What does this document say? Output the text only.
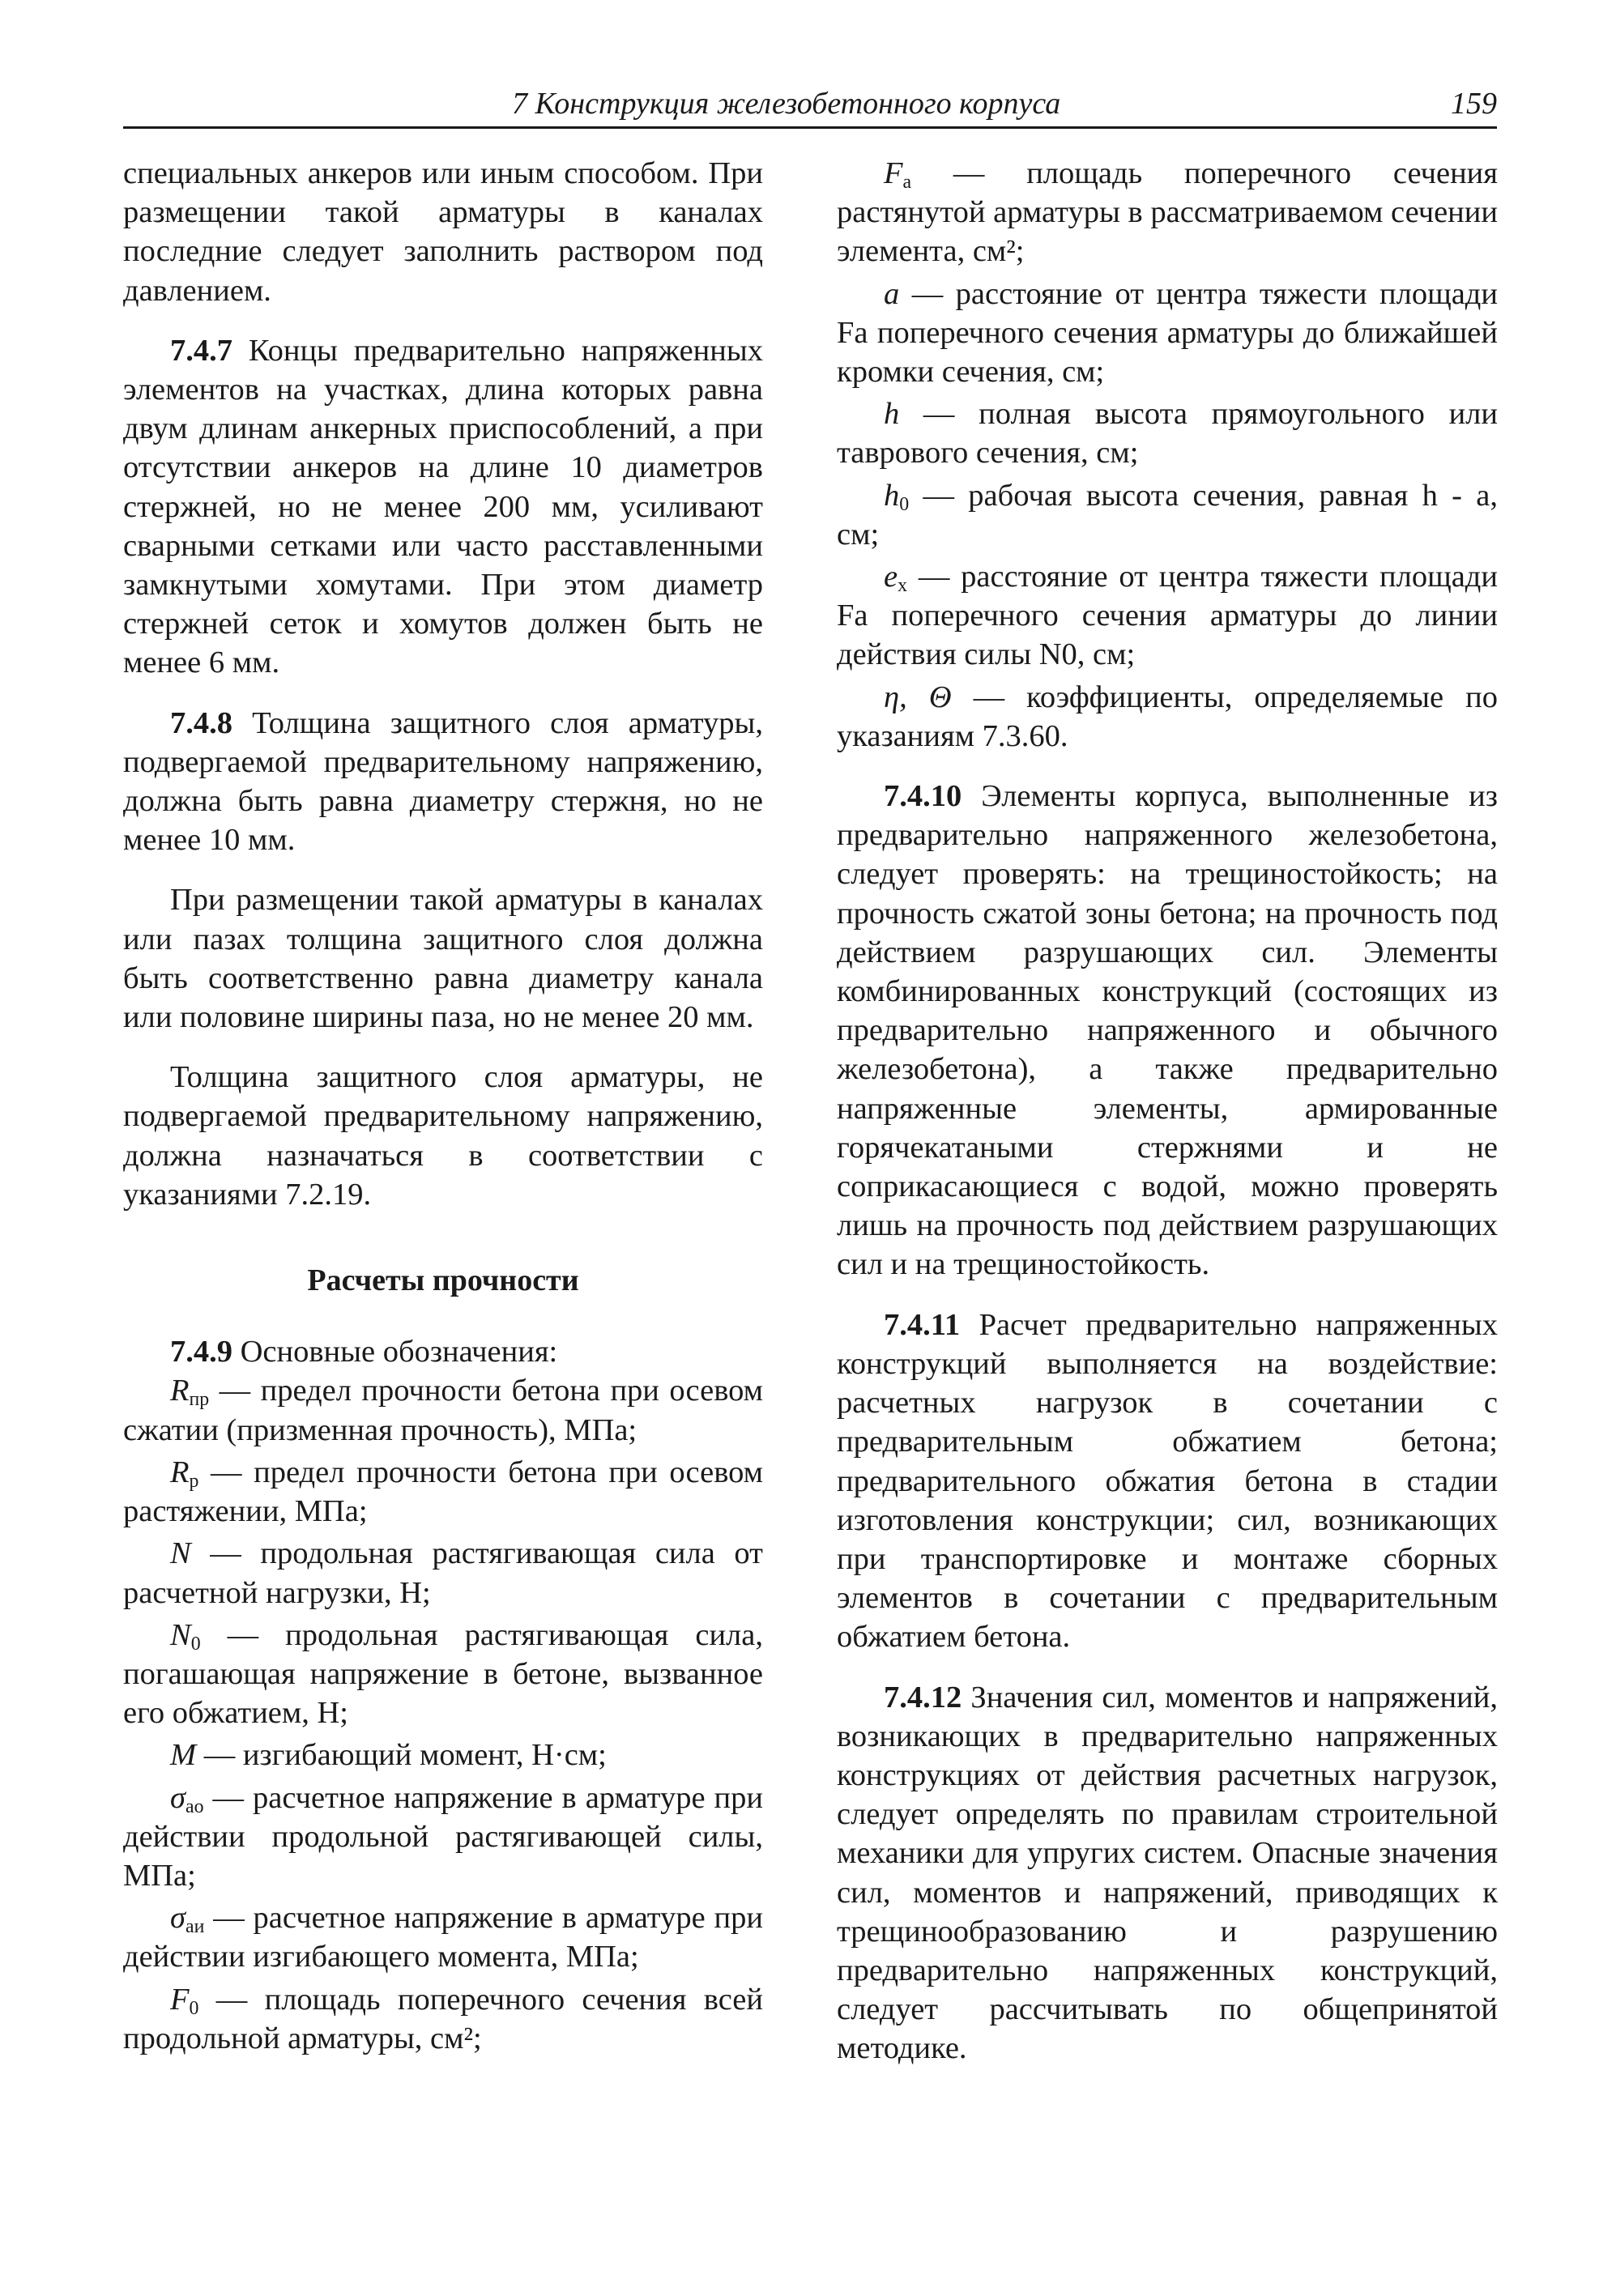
7 Конструкция железобетонного корпуса	159

специальных анкеров или иным способом. При размещении такой арматуры в каналах последние следует заполнить раствором под давлением.

7.4.7 Концы предварительно напряженных элементов на участках, длина которых равна двум длинам анкерных приспособлений, а при отсутствии анкеров на длине 10 диаметров стержней, но не менее 200 мм, усиливают сварными сетками или часто расставленными замкнутыми хомутами. При этом диаметр стержней сеток и хомутов должен быть не менее 6 мм.

7.4.8 Толщина защитного слоя арматуры, подвергаемой предварительному напряжению, должна быть равна диаметру стержня, но не менее 10 мм.

При размещении такой арматуры в каналах или пазах толщина защитного слоя должна быть соответственно равна диаметру канала или половине ширины паза, но не менее 20 мм.

Толщина защитного слоя арматуры, не подвергаемой предварительному напряжению, должна назначаться в соответствии с указаниями 7.2.19.

Расчеты прочности

7.4.9 Основные обозначения:

$R_{пр}$ — предел прочности бетона при осевом сжатии (призменная прочность), МПа;

$R_р$ — предел прочности бетона при осевом растяжении, МПа;

N — продольная растягивающая сила от расчетной нагрузки, Н;

$N_0$ — продольная растягивающая сила, погашающая напряжение в бетоне, вызванное его обжатием, Н;

M — изгибающий момент, Н·см;

$\sigma_{ао}$ — расчетное напряжение в арматуре при действии продольной растягивающей силы, МПа;

$\sigma_{аи}$ — расчетное напряжение в арматуре при действии изгибающего момента, МПа;

$F_0$ — площадь поперечного сечения всей продольной арматуры, см²;

$F_а$ — площадь поперечного сечения растянутой арматуры в рассматриваемом сечении элемента, см²;

a — расстояние от центра тяжести площади Fа поперечного сечения арматуры до ближайшей кромки сечения, см;

h — полная высота прямоугольного или таврового сечения, см;

$h_0$ — рабочая высота сечения, равная h - a, см;

$e_x$ — расстояние от центра тяжести площади Fа поперечного сечения арматуры до линии действия силы N0, см;

η, Θ — коэффициенты, определяемые по указаниям 7.3.60.

7.4.10 Элементы корпуса, выполненные из предварительно напряженного железобетона, следует проверять: на трещиностойкость; на прочность сжатой зоны бетона; на прочность под действием разрушающих сил. Элементы комбинированных конструкций (состоящих из предварительно напряженного и обычного железобетона), а также предварительно напряженные элементы, армированные горячекатаными стержнями и не соприкасающиеся с водой, можно проверять лишь на прочность под действием разрушающих сил и на трещиностойкость.

7.4.11 Расчет предварительно напряженных конструкций выполняется на воздействие: расчетных нагрузок в сочетании с предварительным обжатием бетона; предварительного обжатия бетона в стадии изготовления конструкции; сил, возникающих при транспортировке и монтаже сборных элементов в сочетании с предварительным обжатием бетона.

7.4.12 Значения сил, моментов и напряжений, возникающих в предварительно напряженных конструкциях от действия расчетных нагрузок, следует определять по правилам строительной механики для упругих систем. Опасные значения сил, моментов и напряжений, приводящих к трещинообразованию и разрушению предварительно напряженных конструкций, следует рассчитывать по общепринятой методике.
